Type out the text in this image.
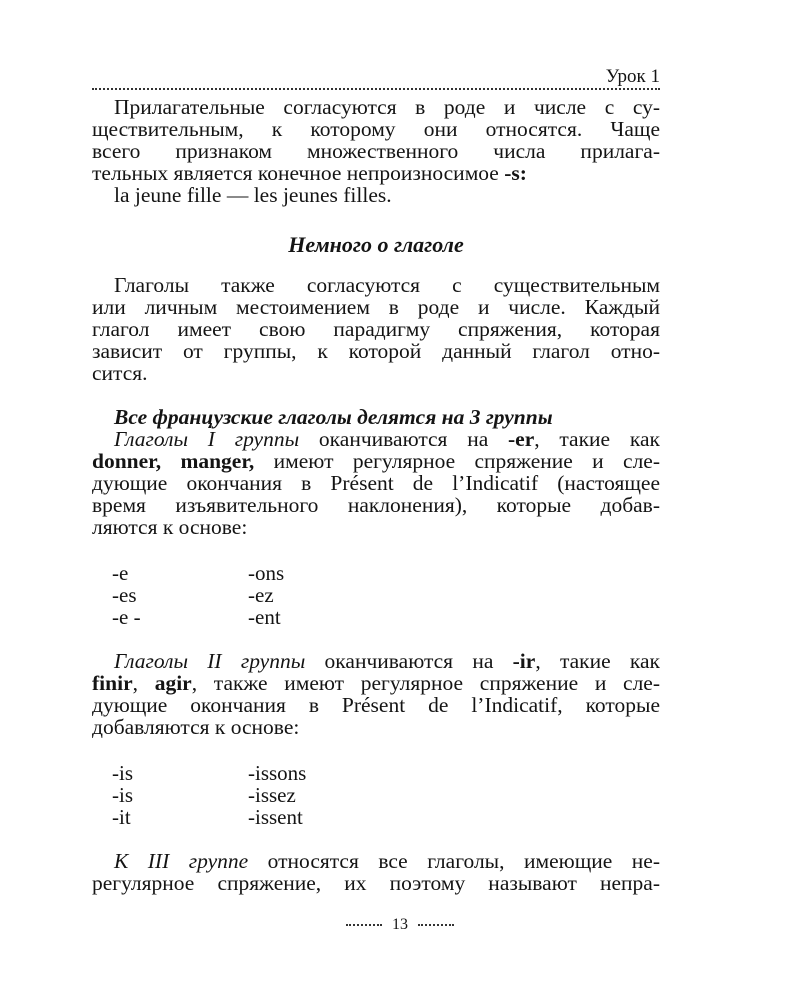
Урок 1
Прилагательные согласуются в роде и числе с су-
ществительным, к которому они относятся. Чаще
всего признаком множественного числа прилага-
тельных является конечное непроизносимое -s:
la jeune fille — les jeunes filles.
Немного о глаголе
Глаголы также согласуются с существительным
или личным местоимением в роде и числе. Каждый
глагол имеет свою парадигму спряжения, которая
зависит от группы, к которой данный глагол отно-
сится.
Все французские глаголы делятся на 3 группы
Глаголы I группы оканчиваются на -er, такие как
donner, manger, имеют регулярное спряжение и сле-
дующие окончания в Présent de l’Indicatif (настоящее
время изъявительного наклонения), которые добав-
ляются к основе:
-e	-ons
-es	-ez
-e -	-ent
Глаголы II группы оканчиваются на -ir, такие как
finir, agir, также имеют регулярное спряжение и сле-
дующие окончания в Présent de l’Indicatif, которые
добавляются к основе:
-is	-issons
-is	-issez
-it	-issent
К III группе относятся все глаголы, имеющие не-
регулярное спряжение, их поэтому называют непра-
13
